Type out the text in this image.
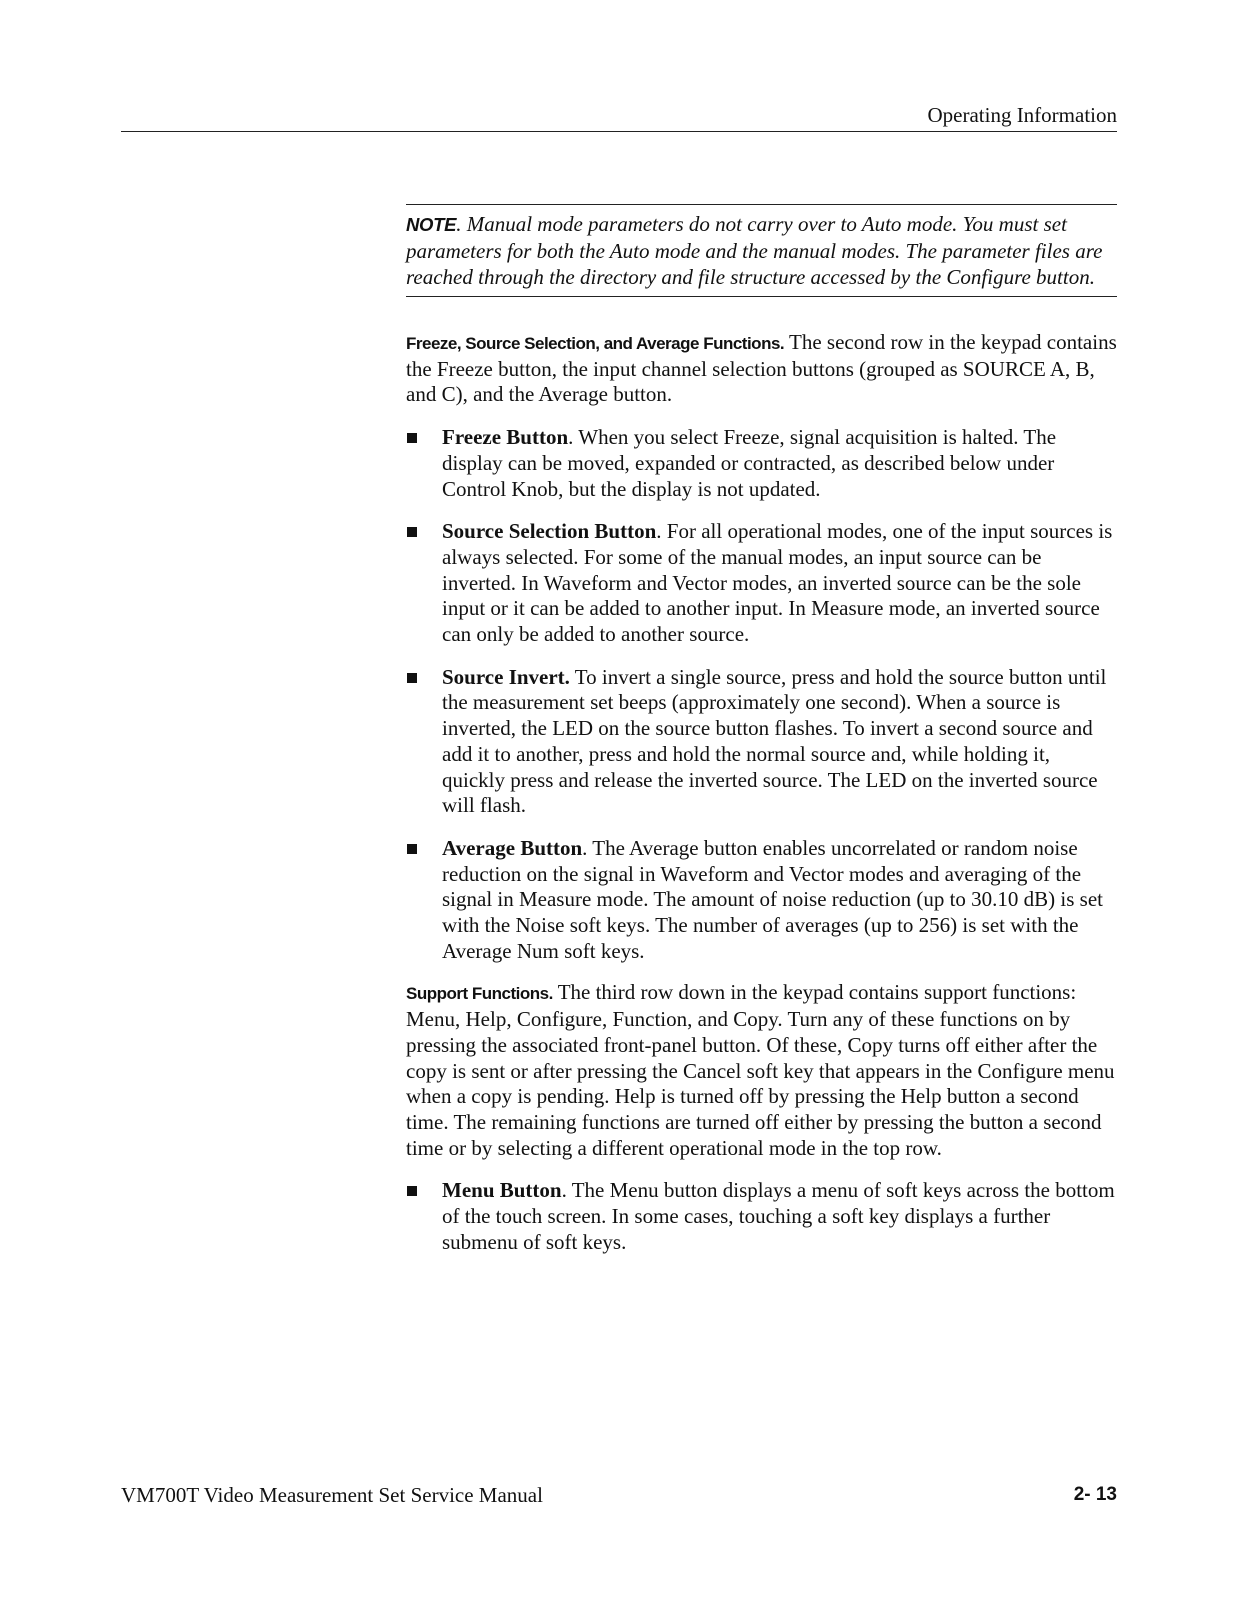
Operating Information
NOTE. Manual mode parameters do not carry over to Auto mode. You must set parameters for both the Auto mode and the manual modes. The parameter files are reached through the directory and file structure accessed by the Configure button.

Freeze, Source Selection, and Average Functions. The second row in the keypad contains the Freeze button, the input channel selection buttons (grouped as SOURCE A, B, and C), and the Average button.

Freeze Button. When you select Freeze, signal acquisition is halted. The display can be moved, expanded or contracted, as described below under Control Knob, but the display is not updated.
Source Selection Button. For all operational modes, one of the input sources is always selected. For some of the manual modes, an input source can be inverted. In Waveform and Vector modes, an inverted source can be the sole input or it can be added to another input. In Measure mode, an inverted source can only be added to another source.
Source Invert. To invert a single source, press and hold the source button until the measurement set beeps (approximately one second). When a source is inverted, the LED on the source button flashes. To invert a second source and add it to another, press and hold the normal source and, while holding it, quickly press and release the inverted source. The LED on the inverted source will flash.
Average Button. The Average button enables uncorrelated or random noise reduction on the signal in Waveform and Vector modes and averaging of the signal in Measure mode. The amount of noise reduction (up to 30.10 dB) is set with the Noise soft keys. The number of averages (up to 256) is set with the Average Num soft keys.

Support Functions. The third row down in the keypad contains support functions: Menu, Help, Configure, Function, and Copy. Turn any of these functions on by pressing the associated front-panel button. Of these, Copy turns off either after the copy is sent or after pressing the Cancel soft key that appears in the Configure menu when a copy is pending. Help is turned off by pressing the Help button a second time. The remaining functions are turned off either by pressing the button a second time or by selecting a different operational mode in the top row.

Menu Button. The Menu button displays a menu of soft keys across the bottom of the touch screen. In some cases, touching a soft key displays a further submenu of soft keys.
VM700T Video Measurement Set Service Manual	2- 13
